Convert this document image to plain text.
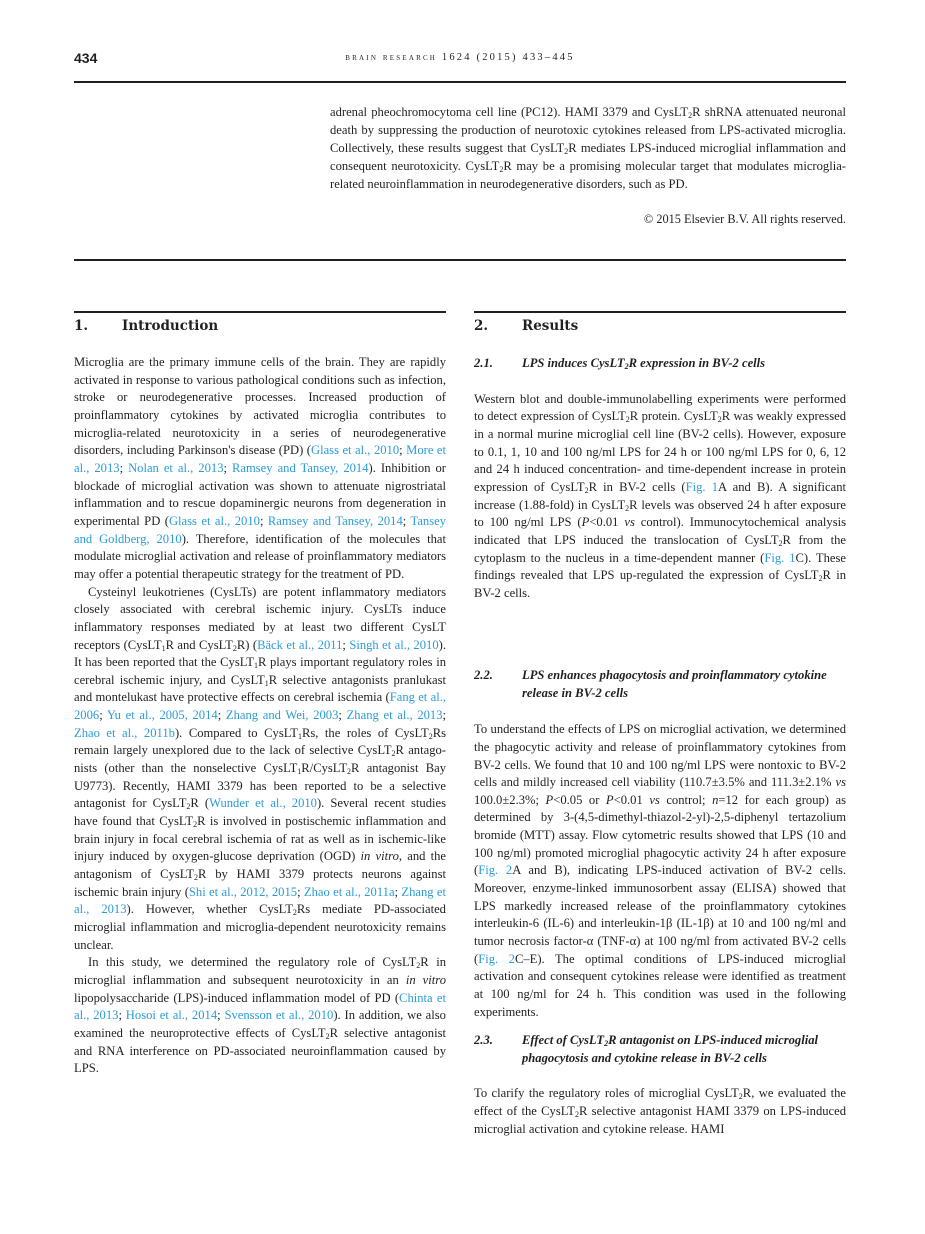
434	brain research 1624 (2015) 433–445

adrenal pheochromocytoma cell line (PC12). HAMI 3379 and CysLT$_2$R shRNA attenuated neuronal death by suppressing the production of neurotoxic cytokines released from LPS-activated microglia. Collectively, these results suggest that CysLT$_2$R mediates LPS-induced microglial inflammation and consequent neurotoxicity. CysLT$_2$R may be a promising molecular target that modulates microglia-related neuroinflammation in neurodegenerative disorders, such as PD.

© 2015 Elsevier B.V. All rights reserved.
1.	Introduction

Microglia are the primary immune cells of the brain. They are rapidly activated in response to various pathological conditions such as infection, stroke or neurodegenerative processes. Increased production of proinflammatory cytokines by activated microglia contributes to microglia-related neurotoxicity in a series of neurodegenerative disorders, including Parkinson's disease (PD) (Glass et al., 2010; More et al., 2013; Nolan et al., 2013; Ramsey and Tansey, 2014). Inhibition or blockade of microglial activation was shown to attenuate nigrostriatal inflammation and to rescue dopaminergic neurons from degeneration in experimental PD (Glass et al., 2010; Ramsey and Tansey, 2014; Tansey and Goldberg, 2010). Therefore, identification of the molecules that modulate microglial activation and release of proinflammatory mediators may offer a potential therapeutic strategy for the treatment of PD.

Cysteinyl leukotrienes (CysLTs) are potent inflammatory mediators closely associated with cerebral ischemic injury. CysLTs induce inflammatory responses mediated by at least two different CysLT receptors (CysLT$_1$R and CysLT$_2$R) (Bäck et al., 2011; Singh et al., 2010). It has been reported that the CysLT$_1$R plays important regulatory roles in cerebral ischemic injury, and CysLT$_1$R selective antagonists pranlukast and montelukast have protective effects on cerebral ischemia (Fang et al., 2006; Yu et al., 2005, 2014; Zhang and Wei, 2003; Zhang et al., 2013; Zhao et al., 2011b). Compared to CysLT$_1$Rs, the roles of CysLT$_2$Rs remain largely unexplored due to the lack of selective CysLT$_2$R antagonists (other than the nonselective CysLT$_1$R/CysLT$_2$R antagonist Bay U9773). Recently, HAMI 3379 has been reported to be a selective antagonist for CysLT$_2$R (Wunder et al., 2010). Several recent studies have found that CysLT$_2$R is involved in postischemic inflammation and brain injury in focal cerebral ischemia of rat as well as in ischemic-like injury induced by oxygen-glucose deprivation (OGD) in vitro, and the antagonism of CysLT$_2$R by HAMI 3379 protects neurons against ischemic brain injury (Shi et al., 2012, 2015; Zhao et al., 2011a; Zhang et al., 2013). However, whether CysLT$_2$Rs mediate PD-associated microglial inflammation and microglia-dependent neurotoxicity remains unclear.

In this study, we determined the regulatory role of CysLT$_2$R in microglial inflammation and subsequent neurotoxicity in an in vitro lipopolysaccharide (LPS)-induced inflammation model of PD (Chinta et al., 2013; Hosoi et al., 2014; Svensson et al., 2010). In addition, we also examined the neuroprotective effects of CysLT$_2$R selective antagonist and RNA interference on PD-associated neuroinflammation caused by LPS.

2.	Results
2.1.	LPS induces CysLT$_2$R expression in BV-2 cells

Western blot and double-immunolabelling experiments were performed to detect expression of CysLT$_2$R protein. CysLT$_2$R was weakly expressed in a normal murine microglial cell line (BV-2 cells). However, exposure to 0.1, 1, 10 and 100 ng/ml LPS for 24 h or 100 ng/ml LPS for 0, 6, 12 and 24 h induced concentration- and time-dependent increase in protein expression of CysLT$_2$R in BV-2 cells (Fig. 1A and B). A significant increase (1.88-fold) in CysLT$_2$R levels was observed 24 h after exposure to 100 ng/ml LPS (P<0.01 vs control). Immunocytochemical analysis indicated that LPS induced the translocation of CysLT$_2$R from the cytoplasm to the nucleus in a time-dependent manner (Fig. 1C). These findings revealed that LPS up-regulated the expression of CysLT$_2$R in BV-2 cells.

2.2.	LPS enhances phagocytosis and proinflammatory cytokine release in BV-2 cells

To understand the effects of LPS on microglial activation, we determined the phagocytic activity and release of proinflammatory cytokines from BV-2 cells. We found that 10 and 100 ng/ml LPS were nontoxic to BV-2 cells and mildly increased cell viability (110.7±3.5% and 111.3±2.1% vs 100.0±2.3%; P<0.05 or P<0.01 vs control; n=12 for each group) as determined by 3-(4,5-dimethyl-thiazol-2-yl)-2,5-diphenyl tertazolium bromide (MTT) assay. Flow cytometric results showed that LPS (10 and 100 ng/ml) promoted microglial phagocytic activity 24 h after exposure (Fig. 2A and B), indicating LPS-induced activation of BV-2 cells. Moreover, enzyme-linked immunosorbent assay (ELISA) showed that LPS markedly increased release of the proinflammatory cytokines interleukin-6 (IL-6) and interleukin-1β (IL-1β) at 10 and 100 ng/ml and tumor necrosis factor-α (TNF-α) at 100 ng/ml from activated BV-2 cells (Fig. 2C–E). The optimal conditions of LPS-induced microglial activation and consequent cytokines release were identified as treatment at 100 ng/ml for 24 h. This condition was used in the following experiments.

2.3.	Effect of CysLT$_2$R antagonist on LPS-induced microglial phagocytosis and cytokine release in BV-2 cells

To clarify the regulatory roles of microglial CysLT$_2$R, we evaluated the effect of the CysLT$_2$R selective antagonist HAMI 3379 on LPS-induced microglial activation and cytokine release. HAMI
